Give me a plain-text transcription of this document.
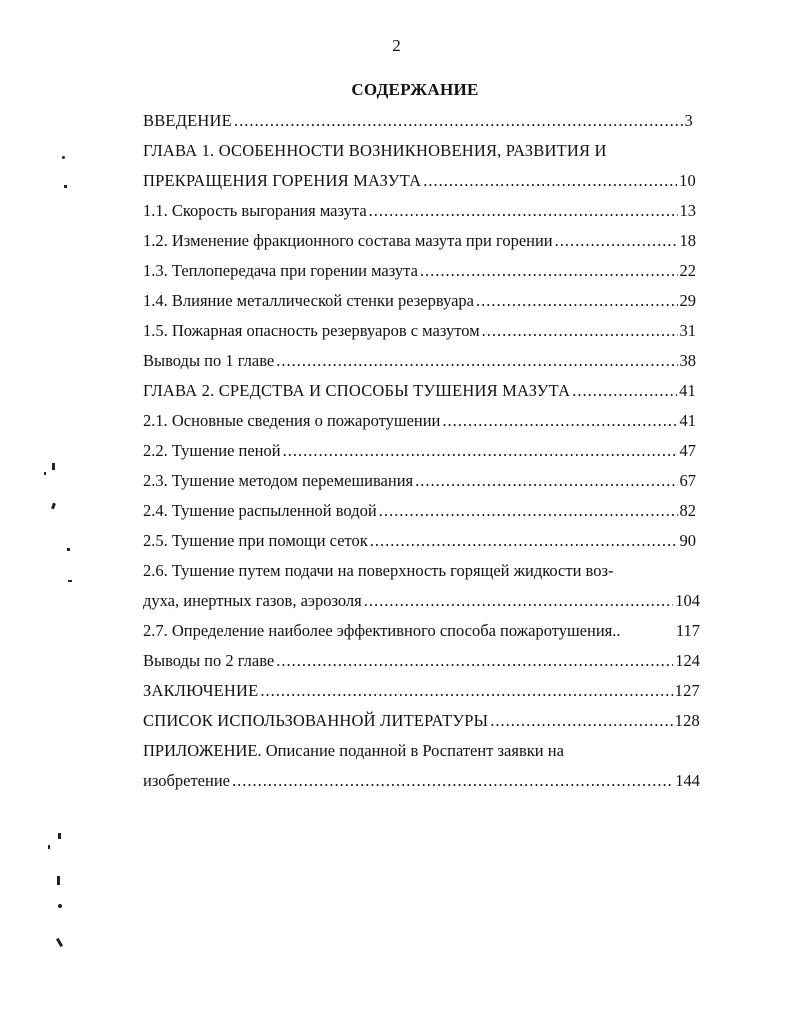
2
СОДЕРЖАНИЕ
ВВЕДЕНИЕ .....	3
ГЛАВА 1. ОСОБЕННОСТИ ВОЗНИКНОВЕНИЯ, РАЗВИТИЯ И
ПРЕКРАЩЕНИЯ ГОРЕНИЯ МАЗУТА .....	10
1.1. Скорость выгорания мазута .....	13
1.2. Изменение фракционного состава мазута при горении .....	18
1.3. Теплопередача при горении мазута .....	22
1.4. Влияние металлической стенки резервуара .....	29
1.5. Пожарная опасность резервуаров с мазутом .....	31
Выводы по 1 главе .....	38
ГЛАВА 2. СРЕДСТВА И СПОСОБЫ ТУШЕНИЯ МАЗУТА .....	41
2.1. Основные сведения о пожаротушении .....	41
2.2. Тушение пеной .....	47
2.3. Тушение методом перемешивания .....	67
2.4. Тушение распыленной водой .....	82
2.5. Тушение при помощи сеток .....	90
2.6. Тушение путем подачи на поверхность горящей жидкости воз-
духа, инертных газов, аэрозоля .....	104
2.7. Определение наиболее эффективного способа пожаротушения..	117
Выводы по 2 главе .....	124
ЗАКЛЮЧЕНИЕ .....	127
СПИСОК ИСПОЛЬЗОВАННОЙ ЛИТЕРАТУРЫ .....	128
ПРИЛОЖЕНИЕ. Описание поданной в Роспатент заявки на
изобретение .....	144
